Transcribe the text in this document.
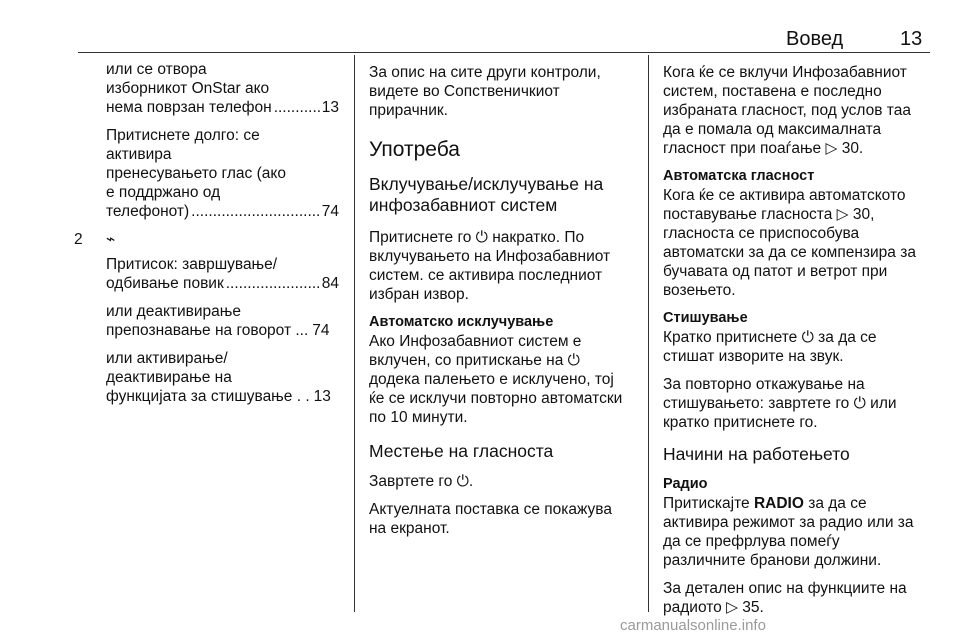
Вовед	13

или се отвора
изборникот OnStar ако
нема поврзан телефон .....	13

Притиснете долго: се
активира
пренесувањето глас (ако
е поддржано од
телефонот) .....	74

2 ⌁

Притисок: завршување/
одбивање повик .....	84

или деактивирање
препознавање на говорот ... 74

или активирање/
деактивирање на
функцијата за стишување . . 13

За опис на сите други контроли,
видете во Сопственичкиот
прирачник.

Употреба
Вклучување/исклучување на
инфозабавниот систем

Притиснете го ⏻ накратко. По
вклучувањето на Инфозабавниот
систем. се активира последниот
избран извор.

Автоматско исклучување

Ако Инфозабавниот систем е
вклучен, со притискање на ⏻
додека палењето е исклучено, тој
ќе се исклучи повторно автоматски
по 10 минути.

Местење на гласноста

Завртете го ⏻.

Актуелната поставка се покажува
на екранот.

Кога ќе се вклучи Инфозабавниот
систем, поставена е последно
избраната гласност, под услов таа
да е помала од максималната
гласност при поаѓање ▷ 30.

Автоматска гласност

Кога ќе се активира автоматското
поставување гласноста ▷ 30,
гласноста се приспособува
автоматски за да се компензира за
бучавата од патот и ветрот при
возењето.

Стишување

Кратко притиснете ⏻ за да се
стишат изворите на звук.

За повторно откажување на
стишувањето: завртете го ⏻ или
кратко притиснете го.

Начини на работењето
Радио

Притискајте RADIO за да се
активира режимот за радио или за
да се префрлува помеѓу
различните бранови должини.

За детален опис на функциите на
радиото ▷ 35.

carmanualsonline.info
